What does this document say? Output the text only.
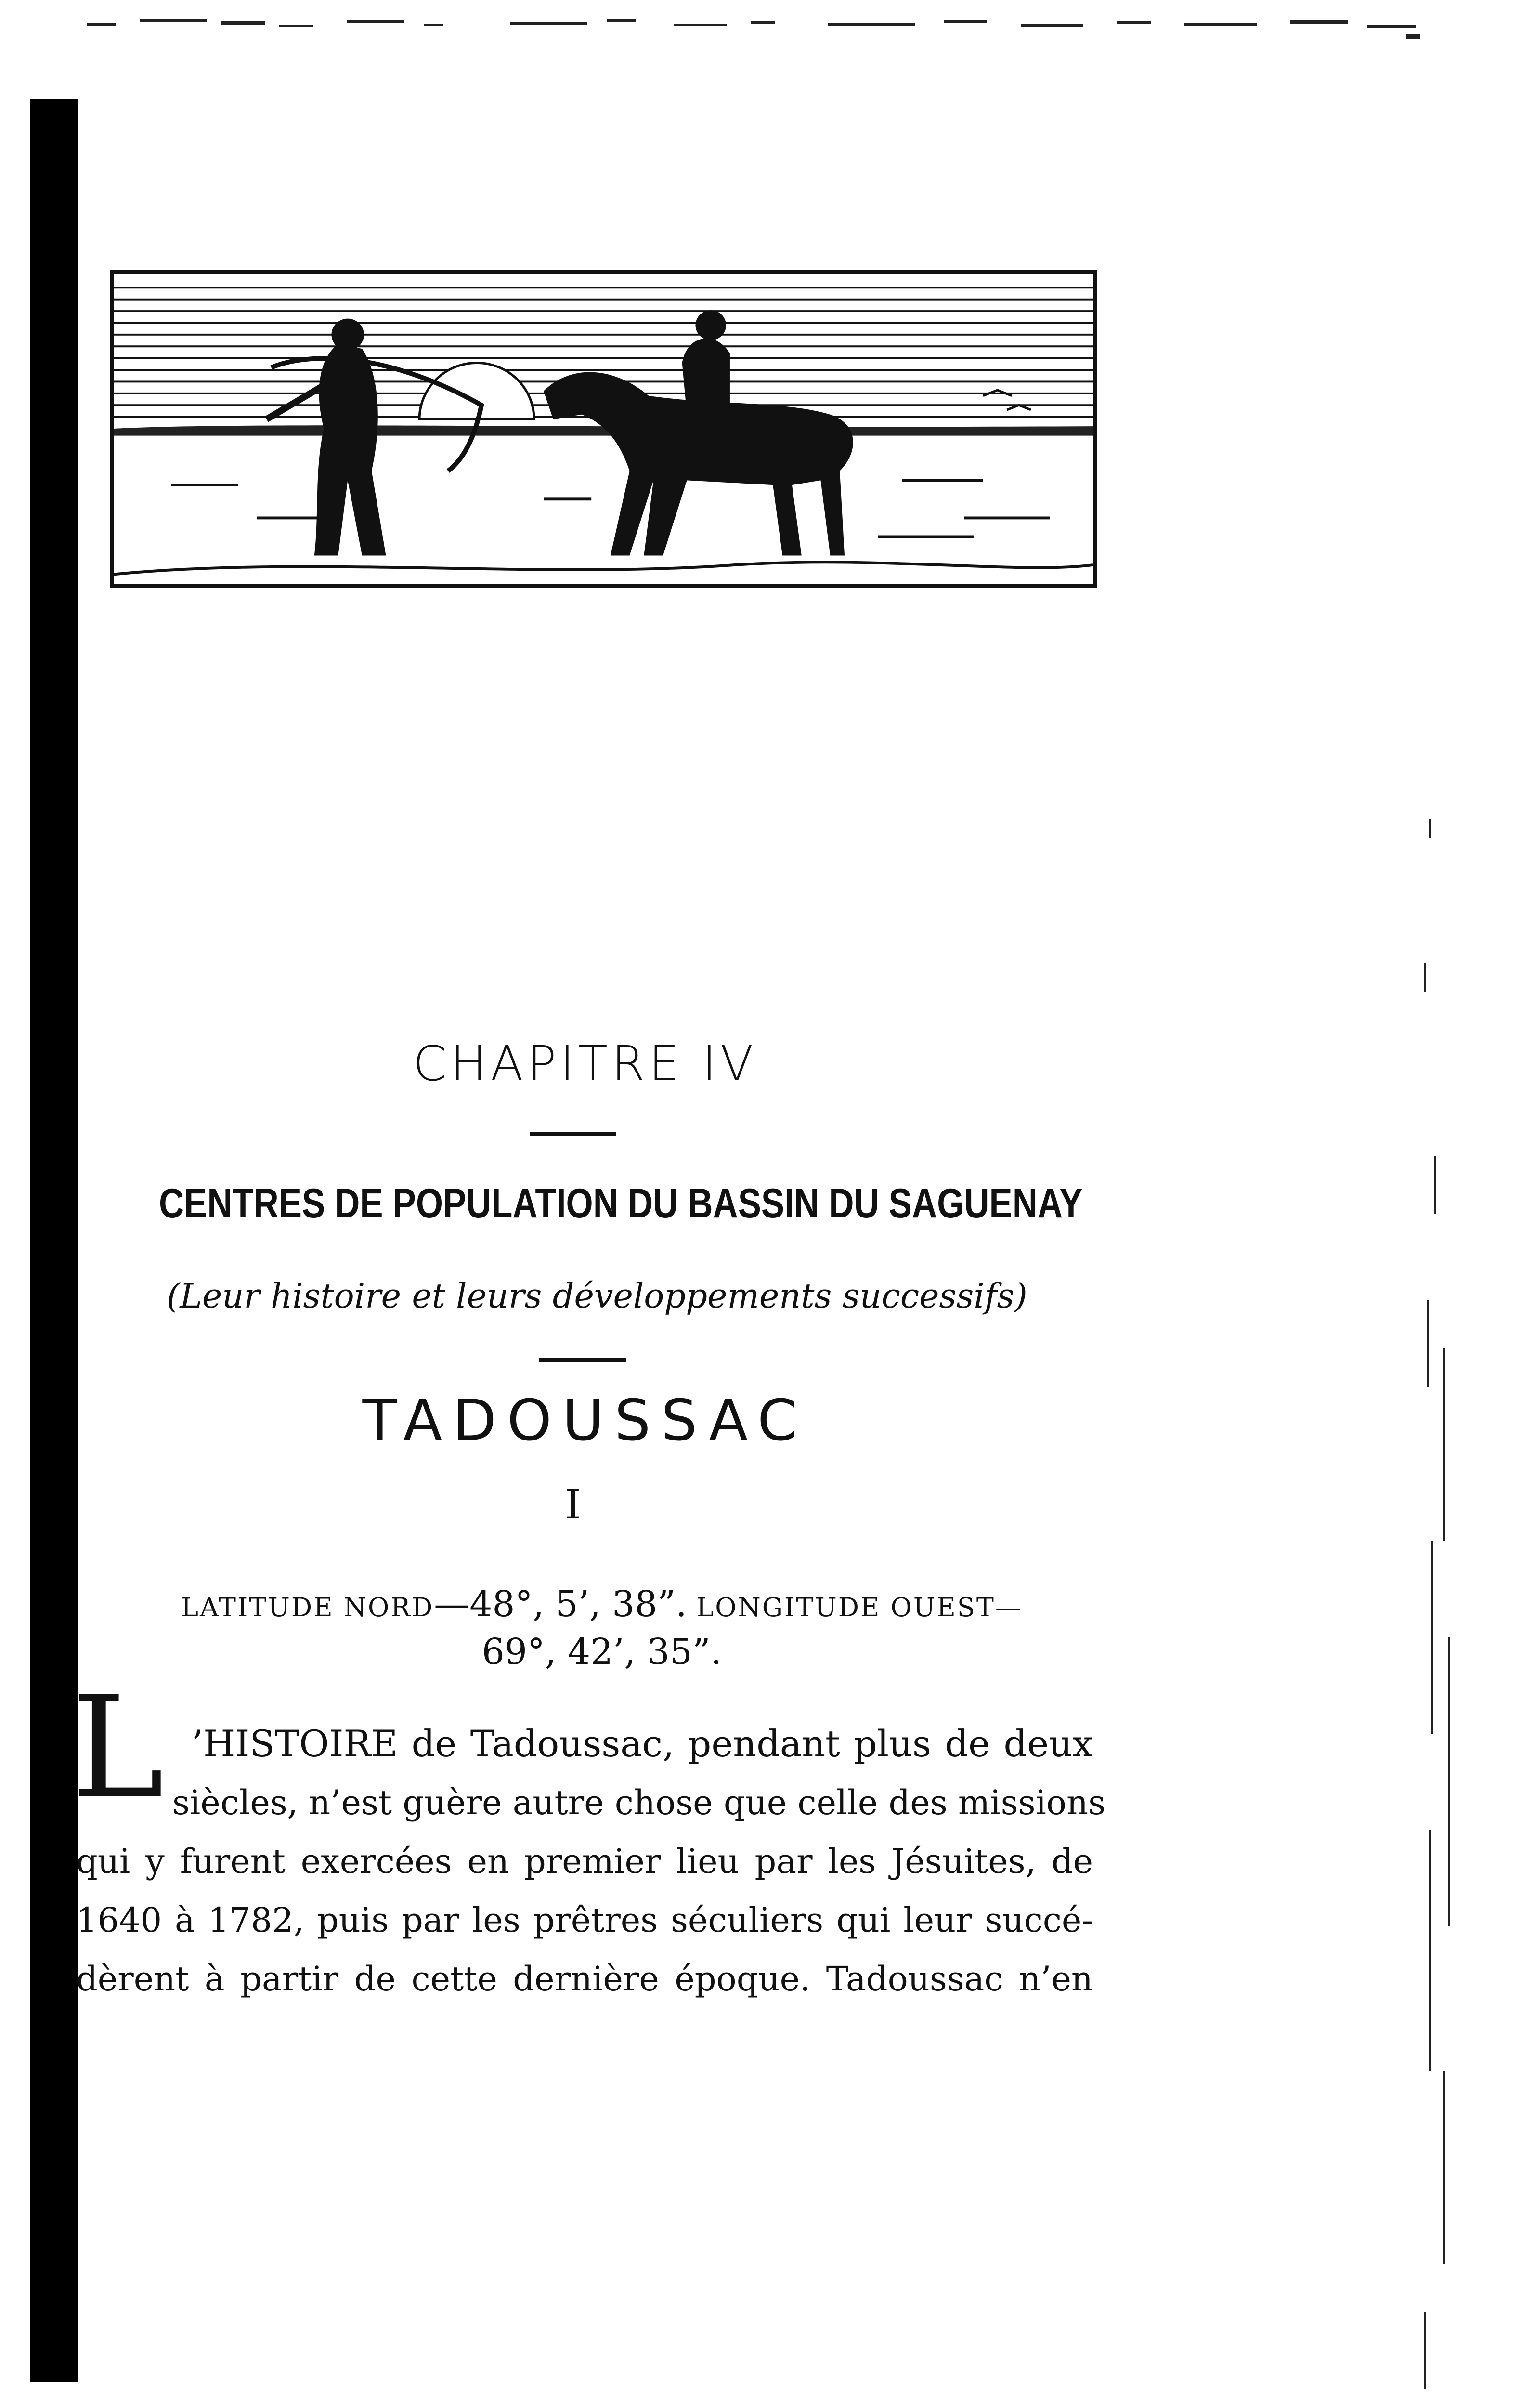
CHAPITRE IV
CENTRES DE POPULATION DU BASSIN DU SAGUENAY
(Leur histoire et leurs développements successifs)
TADOUSSAC
I
LATITUDE NORD—48°, 5’, 38”. LONGITUDE OUEST—
69°, 42’, 35”.
L ’HISTOIRE de Tadoussac, pendant plus de deux
siècles, n’est guère autre chose que celle des missions
qui y furent exercées en premier lieu par les Jésuites, de
1640 à 1782, puis par les prêtres séculiers qui leur succé-
dèrent à partir de cette dernière époque. Tadoussac n’en
